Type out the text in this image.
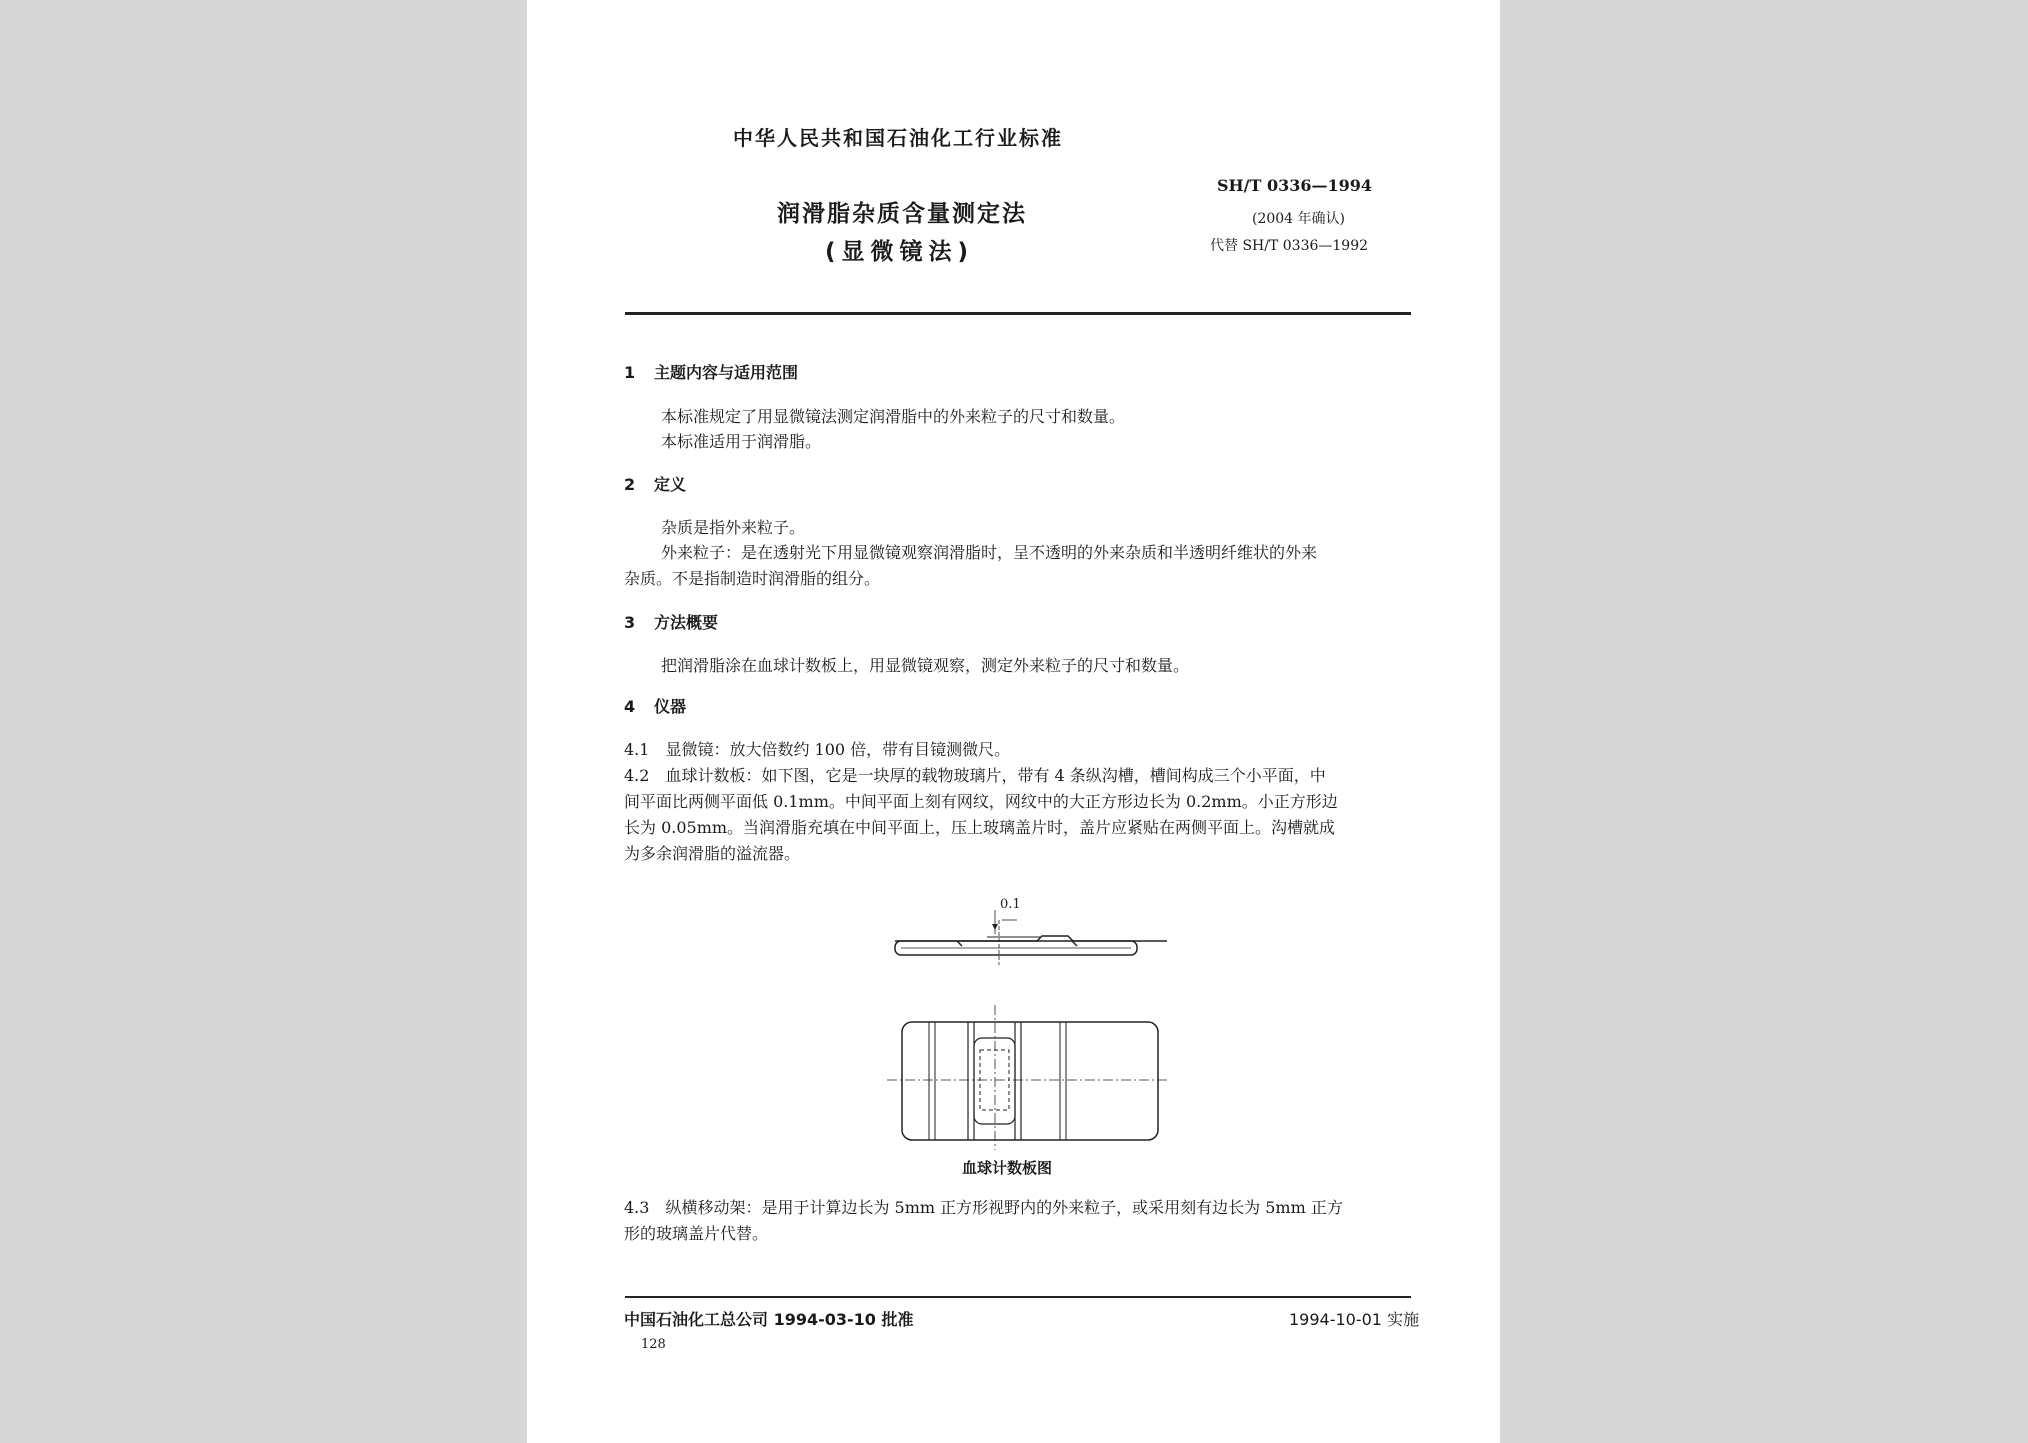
中华人民共和国石油化工行业标准
润滑脂杂质含量测定法
(显微镜法)
SH/T 0336—1994
(2004 年确认)
代替 SH/T 0336—1992
1 主题内容与适用范围
本标准规定了用显微镜法测定润滑脂中的外来粒子的尺寸和数量。
本标准适用于润滑脂。
2 定义
杂质是指外来粒子。
外来粒子：是在透射光下用显微镜观察润滑脂时，呈不透明的外来杂质和半透明纤维状的外来
杂质。不是指制造时润滑脂的组分。
3 方法概要
把润滑脂涂在血球计数板上，用显微镜观察，测定外来粒子的尺寸和数量。
4 仪器
4.1　显微镜：放大倍数约 100 倍，带有目镜测微尺。
4.2　血球计数板：如下图，它是一块厚的载物玻璃片，带有 4 条纵沟槽，槽间构成三个小平面，中
间平面比两侧平面低 0.1mm。中间平面上刻有网纹，网纹中的大正方形边长为 0.2mm。小正方形边
长为 0.05mm。当润滑脂充填在中间平面上，压上玻璃盖片时，盖片应紧贴在两侧平面上。沟槽就成
为多余润滑脂的溢流器。
0.1
血球计数板图
4.3　纵横移动架：是用于计算边长为 5mm 正方形视野内的外来粒子，或采用刻有边长为 5mm 正方
形的玻璃盖片代替。
中国石油化工总公司 1994-03-10 批准	1994-10-01 实施
128
